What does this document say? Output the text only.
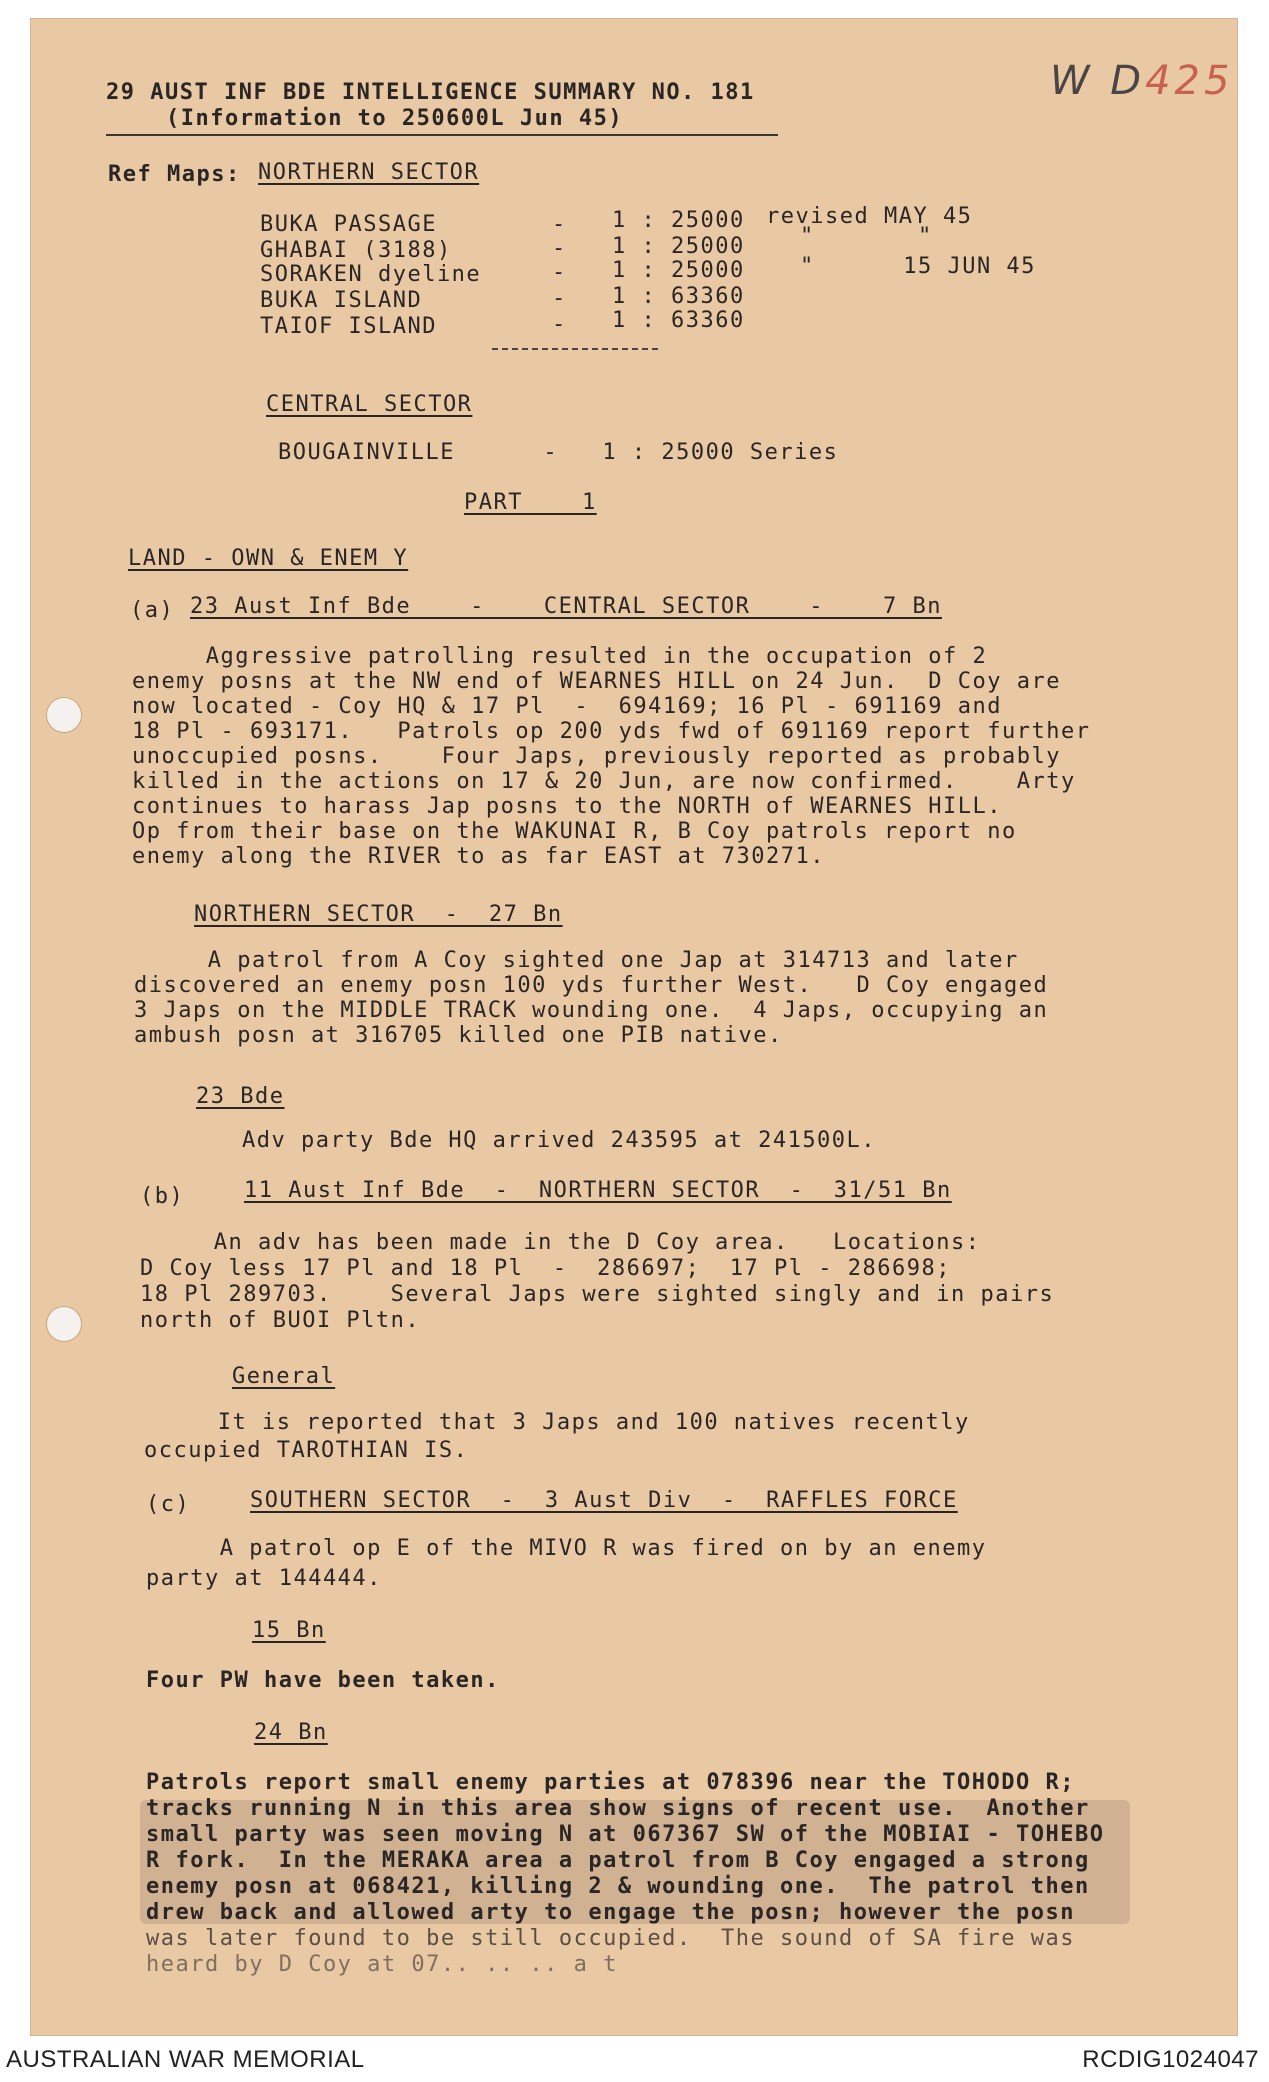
W D425
29 AUST INF BDE INTELLIGENCE SUMMARY NO. 181
(Information to 250600L Jun 45)
Ref Maps: NORTHERN SECTOR
BUKA PASSAGE	- 1 : 25000 revised MAY 45
GHABAI (3188)	- 1 : 25000	"       "
SORAKEN dyeline	- 1 : 25000	"      15 JUN 45
BUKA ISLAND	- 1 : 63360
TAIOF ISLAND	- 1 : 63360
CENTRAL SECTOR
BOUGAINVILLE      -   1 : 25000 Series
PART    1
LAND - OWN & ENEM Y
(a) 23 Aust Inf Bde    -    CENTRAL SECTOR    -    7 Bn
Aggressive patrolling resulted in the occupation of 2
enemy posns at the NW end of WEARNES HILL on 24 Jun.  D Coy are
now located - Coy HQ & 17 Pl  -  694169; 16 Pl - 691169 and
18 Pl - 693171.   Patrols op 200 yds fwd of 691169 report further
unoccupied posns.    Four Japs, previously reported as probably
killed in the actions on 17 & 20 Jun, are now confirmed.    Arty
continues to harass Jap posns to the NORTH of WEARNES HILL.
Op from their base on the WAKUNAI R, B Coy patrols report no
enemy along the RIVER to as far EAST at 730271.
NORTHERN SECTOR  -  27 Bn
A patrol from A Coy sighted one Jap at 314713 and later
discovered an enemy posn 100 yds further West.   D Coy engaged
3 Japs on the MIDDLE TRACK wounding one.  4 Japs, occupying an
ambush posn at 316705 killed one PIB native.
23 Bde
Adv party Bde HQ arrived 243595 at 241500L.
(b)	11 Aust Inf Bde  -  NORTHERN SECTOR  -  31/51 Bn
An adv has been made in the D Coy area.   Locations:
D Coy less 17 Pl and 18 Pl  -  286697;  17 Pl - 286698;
18 Pl 289703.    Several Japs were sighted singly and in pairs
north of BUOI Pltn.
General
It is reported that 3 Japs and 100 natives recently
occupied TAROTHIAN IS.
(c)	SOUTHERN SECTOR  -  3 Aust Div  -  RAFFLES FORCE
A patrol op E of the MIVO R was fired on by an enemy
party at 144444.
15 Bn
Four PW have been taken.
24 Bn
Patrols report small enemy parties at 078396 near the TOHODO R;
tracks running N in this area show signs of recent use.  Another
small party was seen moving N at 067367 SW of the MOBIAI - TOHEBO
R fork.  In the MERAKA area a patrol from B Coy engaged a strong
enemy posn at 068421, killing 2 & wounding one.  The patrol then
drew back and allowed arty to engage the posn; however the posn
was later found to be still occupied.  The sound of SA fire was
heard by D Coy at 07.. .. .. a t
AUSTRALIAN WAR MEMORIAL	RCDIG1024047
